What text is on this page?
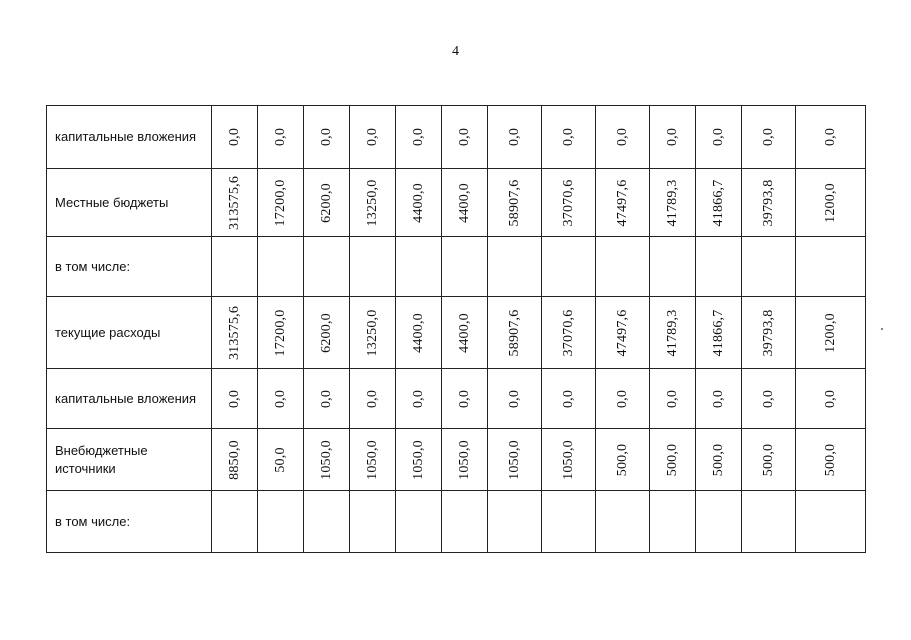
4
капитальные вложения	0,0	0,0	0,0	0,0	0,0	0,0	0,0	0,0	0,0	0,0	0,0	0,0	0,0

Местные бюджеты	313575,6	17200,0	6200,0	13250,0	4400,0	4400,0	58907,6	37070,6	47497,6	41789,3	41866,7	39793,8	1200,0

в том числе:	

текущие расходы	313575,6	17200,0	6200,0	13250,0	4400,0	4400,0	58907,6	37070,6	47497,6	41789,3	41866,7	39793,8	1200,0

капитальные вложения	0,0	0,0	0,0	0,0	0,0	0,0	0,0	0,0	0,0	0,0	0,0	0,0	0,0

Внебюджетные источники	8850,0	50,0	1050,0	1050,0	1050,0	1050,0	1050,0	1050,0	500,0	500,0	500,0	500,0	500,0

в том числе:	
